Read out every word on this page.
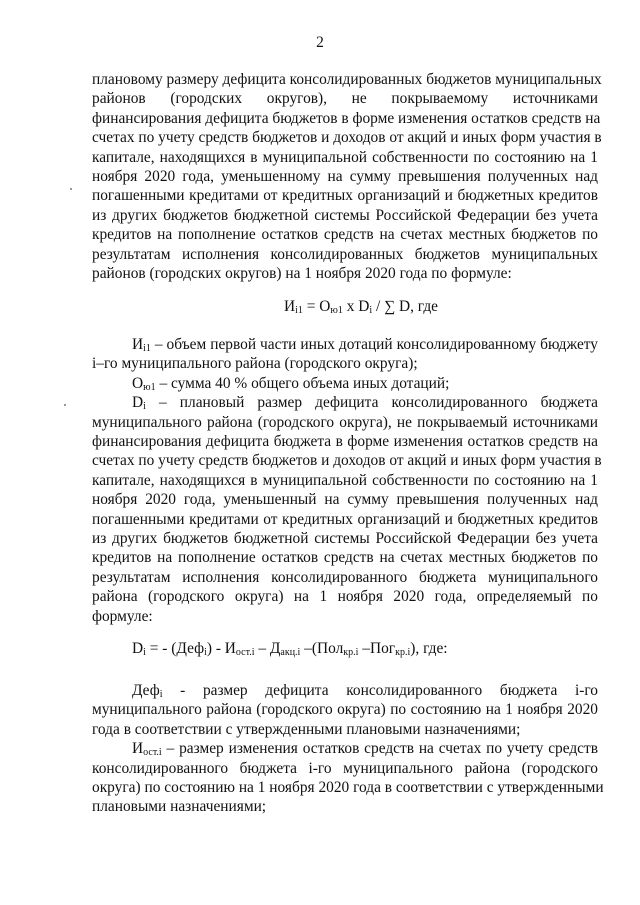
2
плановому размеру дефицита консолидированных бюджетов муниципальных
районов (городских округов), не покрываемому источниками
финансирования дефицита бюджетов в форме изменения остатков средств на
счетах по учету средств бюджетов и доходов от акций и иных форм участия в
капитале, находящихся в муниципальной собственности по состоянию на 1
ноября 2020 года, уменьшенному на сумму превышения полученных над
погашенными кредитами от кредитных организаций и бюджетных кредитов
из других бюджетов бюджетной системы Российской Федерации без учета
кредитов на пополнение остатков средств на счетах местных бюджетов по
результатам исполнения консолидированных бюджетов муниципальных
районов (городских округов) на 1 ноября 2020 года по формуле:
$И_{i1} = О_{ю1}$ х $D_i$ / ∑ D, где
$И_{i1}$ – объем первой части иных дотаций консолидированному бюджету
i–го муниципального района (городского округа);
$О_{ю1}$ – сумма 40 % общего объема иных дотаций;
$D_i$ – плановый размер дефицита консолидированного бюджета
муниципального района (городского округа), не покрываемый источниками
финансирования дефицита бюджета в форме изменения остатков средств на
счетах по учету средств бюджетов и доходов от акций и иных форм участия в
капитале, находящихся в муниципальной собственности по состоянию на 1
ноября 2020 года, уменьшенный на сумму превышения полученных над
погашенными кредитами от кредитных организаций и бюджетных кредитов
из других бюджетов бюджетной системы Российской Федерации без учета
кредитов на пополнение остатков средств на счетах местных бюджетов по
результатам исполнения консолидированного бюджета муниципального
района (городского округа) на 1 ноября 2020 года, определяемый по
формуле:
$D_i$ = - $(Деф_i) - И_{ост.i} - Д_{акц.i}$ –(Пол$_{кр.i}$ –Пог$_{кр.i}$), где:
Деф$_i$ - размер дефицита консолидированного бюджета i-го
муниципального района (городского округа) по состоянию на 1 ноября 2020
года в соответствии с утвержденными плановыми назначениями;
$И_{ост.i}$ – размер изменения остатков средств на счетах по учету средств
консолидированного бюджета i-го муниципального района (городского
округа) по состоянию на 1 ноября 2020 года в соответствии с утвержденными
плановыми назначениями;
